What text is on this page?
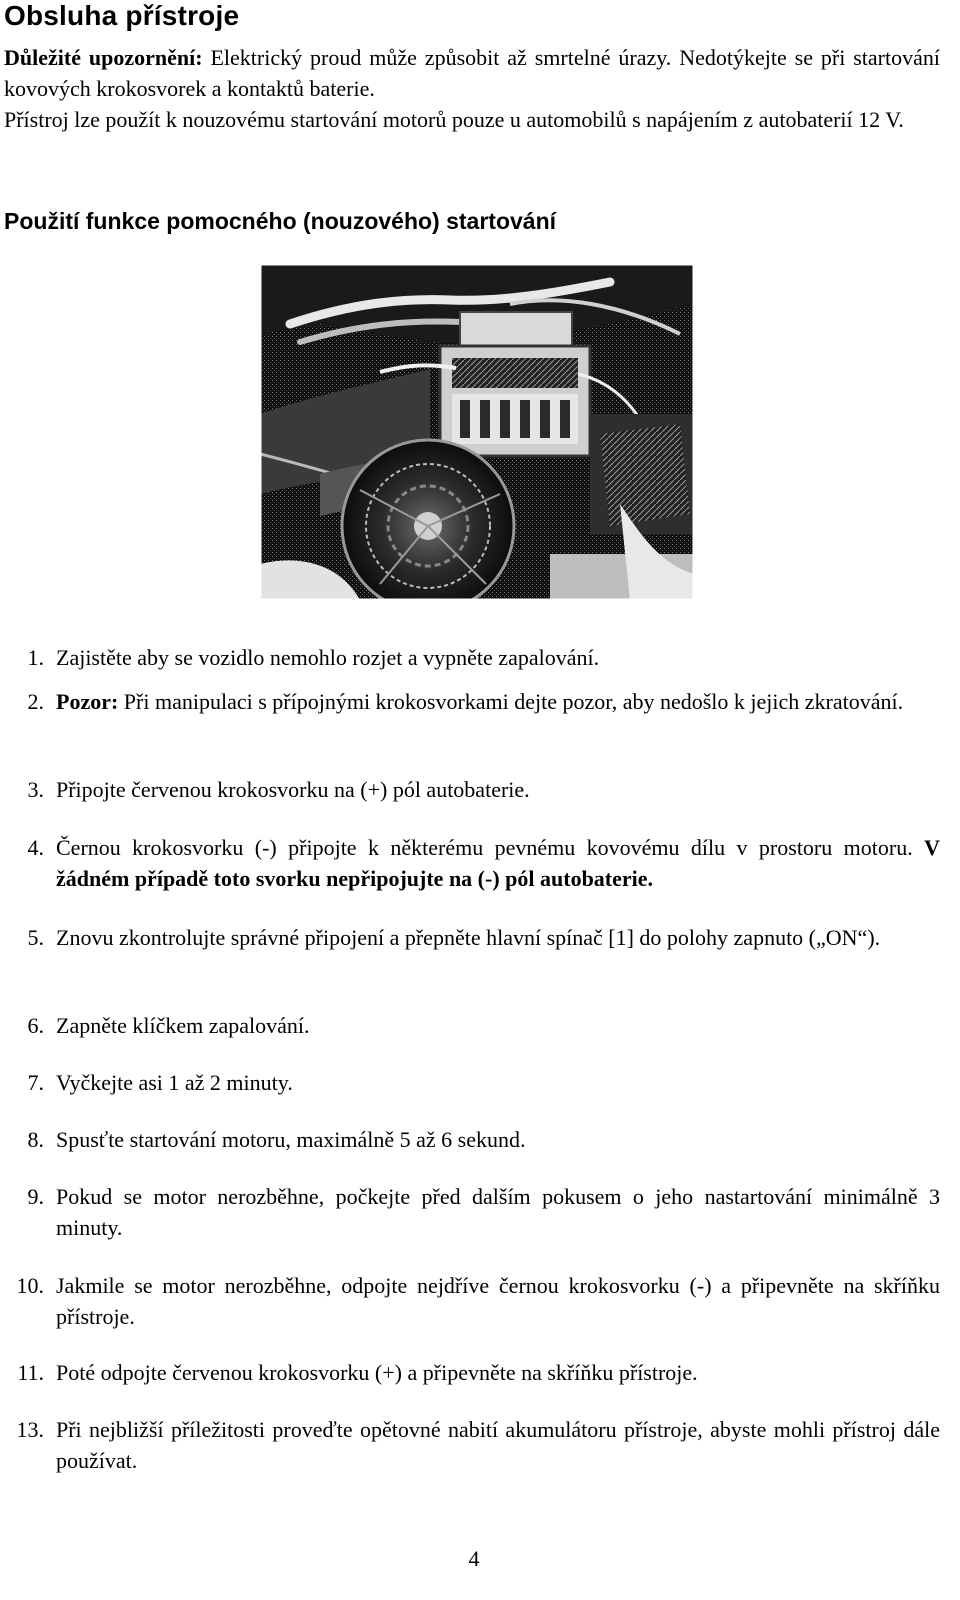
Obsluha přístroje

Důležité upozornění: Elektrický proud může způsobit až smrtelné úrazy. Nedotýkejte se při startování kovových krokosvorek a kontaktů baterie.

Přístroj lze použít k nouzovému startování motorů pouze u automobilů s napájením z autobaterií 12 V.

Použití funkce pomocného (nouzového) startování
1. Zajistěte aby se vozidlo nemohlo rozjet a vypněte zapalování.
2. Pozor: Při manipulaci s přípojnými krokosvorkami dejte pozor, aby nedošlo k jejich zkratování.
3. Připojte červenou krokosvorku na (+) pól autobaterie.
4. Černou krokosvorku (-) připojte k některému pevnému kovovému dílu v prostoru motoru. V žádném případě toto svorku nepřipojujte na (-) pól autobaterie.
5. Znovu zkontrolujte správné připojení a přepněte hlavní spínač [1] do polohy zapnuto („ON“).
6. Zapněte klíčkem zapalování.
7. Vyčkejte asi 1 až 2 minuty.
8. Spusťte startování motoru, maximálně 5 až 6 sekund.
9. Pokud se motor nerozběhne, počkejte před dalším pokusem o jeho nastartování minimálně 3 minuty.
10. Jakmile se motor nerozběhne, odpojte nejdříve černou krokosvorku (-) a připevněte na skříňku přístroje.
11. Poté odpojte červenou krokosvorku (+) a připevněte na skříňku přístroje.
13. Při nejbližší příležitosti proveďte opětovné nabití akumulátoru přístroje, abyste mohli přístroj dále používat.
4
